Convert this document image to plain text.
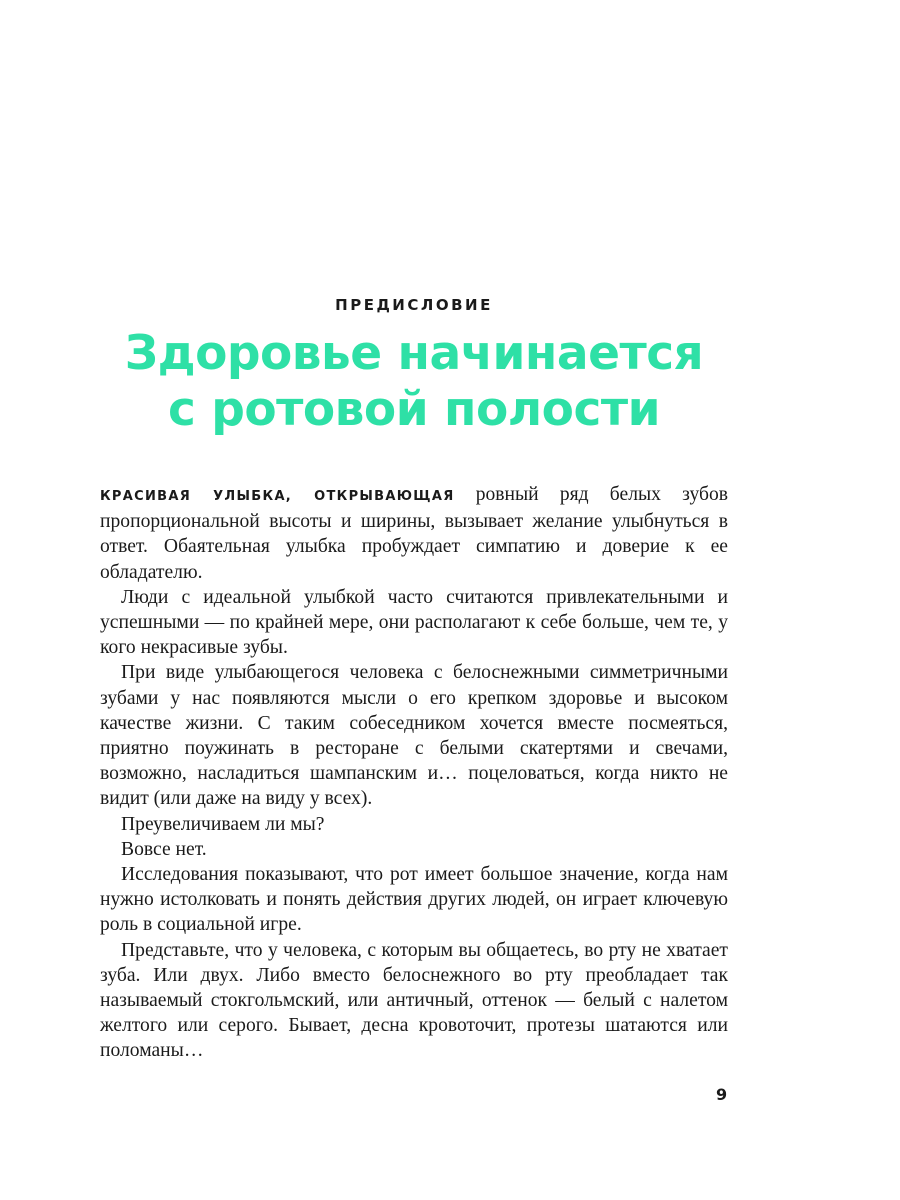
ПРЕДИСЛОВИЕ
Здоровье начинается
с ротовой полости

КРАСИВАЯ УЛЫБКА, ОТКРЫВАЮЩАЯ ровный ряд белых зубов пропорциональной высоты и ширины, вызывает желание улыбнуться в ответ. Обаятельная улыбка пробуждает симпатию и доверие к ее обладателю.

Люди с идеальной улыбкой часто считаются привлекательными и успешными — по крайней мере, они располагают к себе больше, чем те, у кого некрасивые зубы.

При виде улыбающегося человека с белоснежными симметричными зубами у нас появляются мысли о его крепком здоровье и высоком качестве жизни. С таким собеседником хочется вместе посмеяться, приятно поужинать в ресторане с белыми скатертями и свечами, возможно, насладиться шампанским и… поцеловаться, когда никто не видит (или даже на виду у всех).

Преувеличиваем ли мы?

Вовсе нет.

Исследования показывают, что рот имеет большое значение, когда нам нужно истолковать и понять действия других людей, он играет ключевую роль в социальной игре.

Представьте, что у человека, с которым вы общаетесь, во рту не хватает зуба. Или двух. Либо вместо белоснежного во рту преобладает так называемый стокгольмский, или античный, оттенок — белый с налетом желтого или серого. Бывает, десна кровоточит, протезы шатаются или поломаны…

9
